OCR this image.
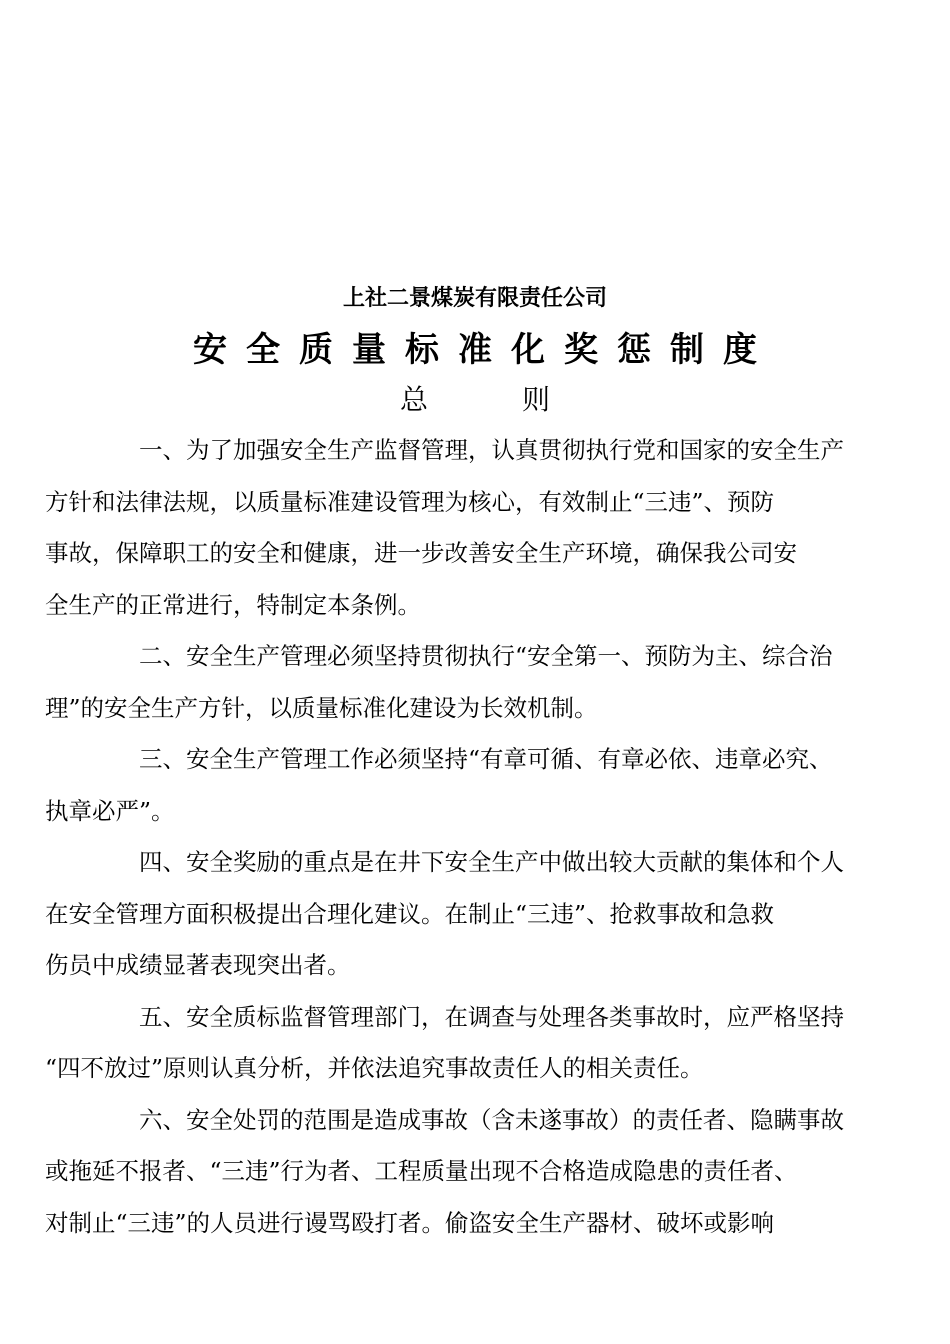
上社二景煤炭有限责任公司
安全质量标准化奖惩制度
总	则

一、为了加强安全生产监督管理，认真贯彻执行党和国家的安全生产
方针和法律法规，以质量标准建设管理为核心，有效制止“三违”、预防
事故，保障职工的安全和健康，进一步改善安全生产环境，确保我公司安
全生产的正常进行，特制定本条例。

二、安全生产管理必须坚持贯彻执行“安全第一、预防为主、综合治
理”的安全生产方针，以质量标准化建设为长效机制。

三、安全生产管理工作必须坚持“有章可循、有章必依、违章必究、
执章必严”。

四、安全奖励的重点是在井下安全生产中做出较大贡献的集体和个人
在安全管理方面积极提出合理化建议。在制止“三违”、抢救事故和急救
伤员中成绩显著表现突出者。

五、安全质标监督管理部门，在调查与处理各类事故时，应严格坚持
“四不放过”原则认真分析，并依法追究事故责任人的相关责任。

六、安全处罚的范围是造成事故（含未遂事故）的责任者、隐瞒事故
或拖延不报者、“三违”行为者、工程质量出现不合格造成隐患的责任者、
对制止“三违”的人员进行谩骂殴打者。偷盗安全生产器材、破坏或影响
